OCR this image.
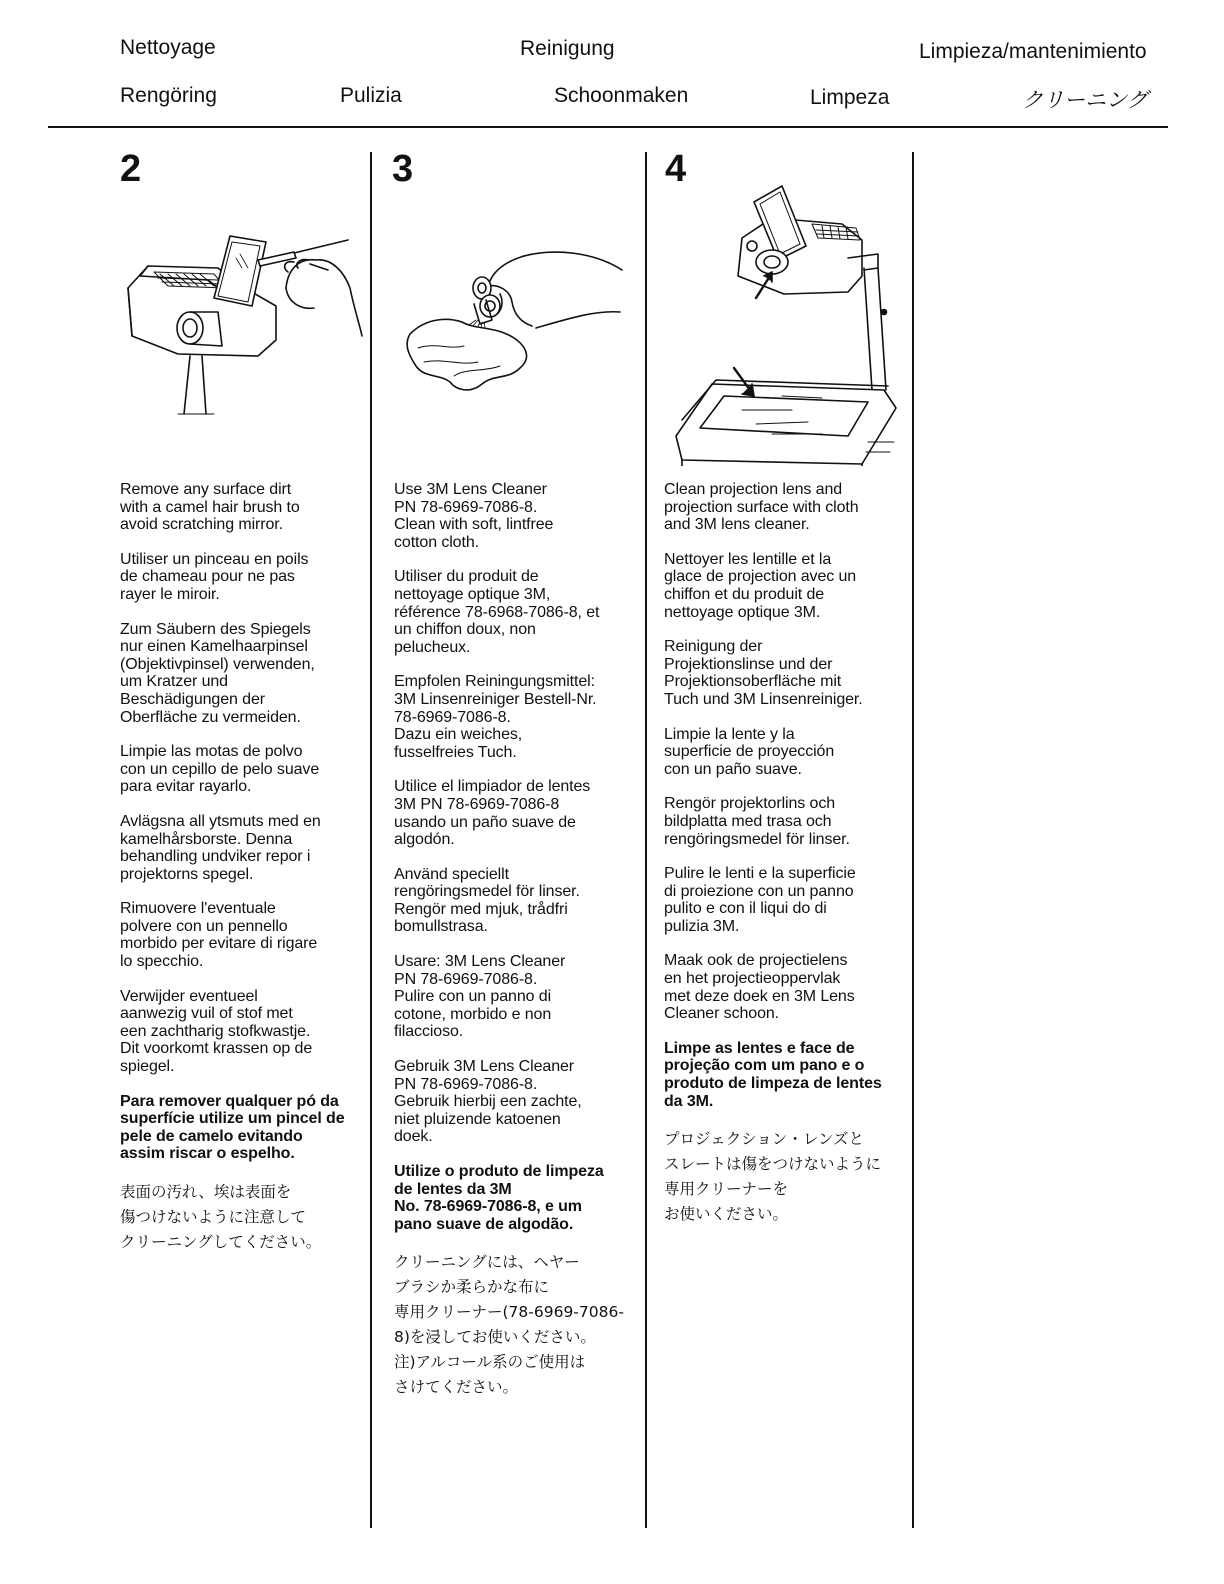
Nettoyage	Reinigung	Limpieza/mantenimiento
Rengöring	Pulizia	Schoonmaken	Limpeza	クリーニング
2	3	4

Remove any surface dirt
with a camel hair brush to
avoid scratching mirror.

Utiliser un pinceau en poils
de chameau pour ne pas
rayer le miroir.

Zum Säubern des Spiegels
nur einen Kamelhaarpinsel
(Objektivpinsel) verwenden,
um Kratzer und
Beschädigungen der
Oberfläche zu vermeiden.

Limpie las motas de polvo
con un cepillo de pelo suave
para evitar rayarlo.

Avlägsna all ytsmuts med en
kamelhårsborste. Denna
behandling undviker repor i
projektorns spegel.

Rimuovere l'eventuale
polvere con un pennello
morbido per evitare di rigare
lo specchio.

Verwijder eventueel
aanwezig vuil of stof met
een zachtharig stofkwastje.
Dit voorkomt krassen op de
spiegel.

Para remover qualquer pó da
superfície utilize um pincel de
pele de camelo evitando
assim riscar o espelho.

表面の汚れ、埃は表面を
傷つけないように注意して
クリーニングしてください。

Use 3M Lens Cleaner
PN 78-6969-7086-8.
Clean with soft, lintfree
cotton cloth.

Utiliser du produit de
nettoyage optique 3M,
référence 78-6968-7086-8, et
un chiffon doux, non
pelucheux.

Empfolen Reiningungsmittel:
3M Linsenreiniger Bestell-Nr.
78-6969-7086-8.
Dazu ein weiches,
fusselfreies Tuch.

Utilice el limpiador de lentes
3M PN 78-6969-7086-8
usando un paño suave de
algodón.

Använd speciellt
rengöringsmedel för linser.
Rengör med mjuk, trådfri
bomullstrasa.

Usare: 3M Lens Cleaner
PN 78-6969-7086-8.
Pulire con un panno di
cotone, morbido e non
filaccioso.

Gebruik 3M Lens Cleaner
PN 78-6969-7086-8.
Gebruik hierbij een zachte,
niet pluizende katoenen
doek.

Utilize o produto de limpeza
de lentes da 3M
No. 78-6969-7086-8, e um
pano suave de algodão.

クリーニングには、ヘヤー
ブラシか柔らかな布に
専用クリーナー(78-6969-7086-
8)を浸してお使いください。
注)アルコール系のご使用は
さけてください。

Clean projection lens and
projection surface with cloth
and 3M lens cleaner.

Nettoyer les lentille et la
glace de projection avec un
chiffon et du produit de
nettoyage optique 3M.

Reinigung der
Projektionslinse und der
Projektionsoberfläche mit
Tuch und 3M Linsenreiniger.

Limpie la lente y la
superficie de proyección
con un paño suave.

Rengör projektorlins och
bildplatta med trasa och
rengöringsmedel för linser.

Pulire le lenti e la superficie
di proiezione con un panno
pulito e con il liqui do di
pulizia 3M.

Maak ook de projectielens
en het projectieoppervlak
met deze doek en 3M Lens
Cleaner schoon.

Limpe as lentes e face de
projeção com um pano e o
produto de limpeza de lentes
da 3M.

プロジェクション・レンズと
スレートは傷をつけないように
専用クリーナーを
お使いください。
